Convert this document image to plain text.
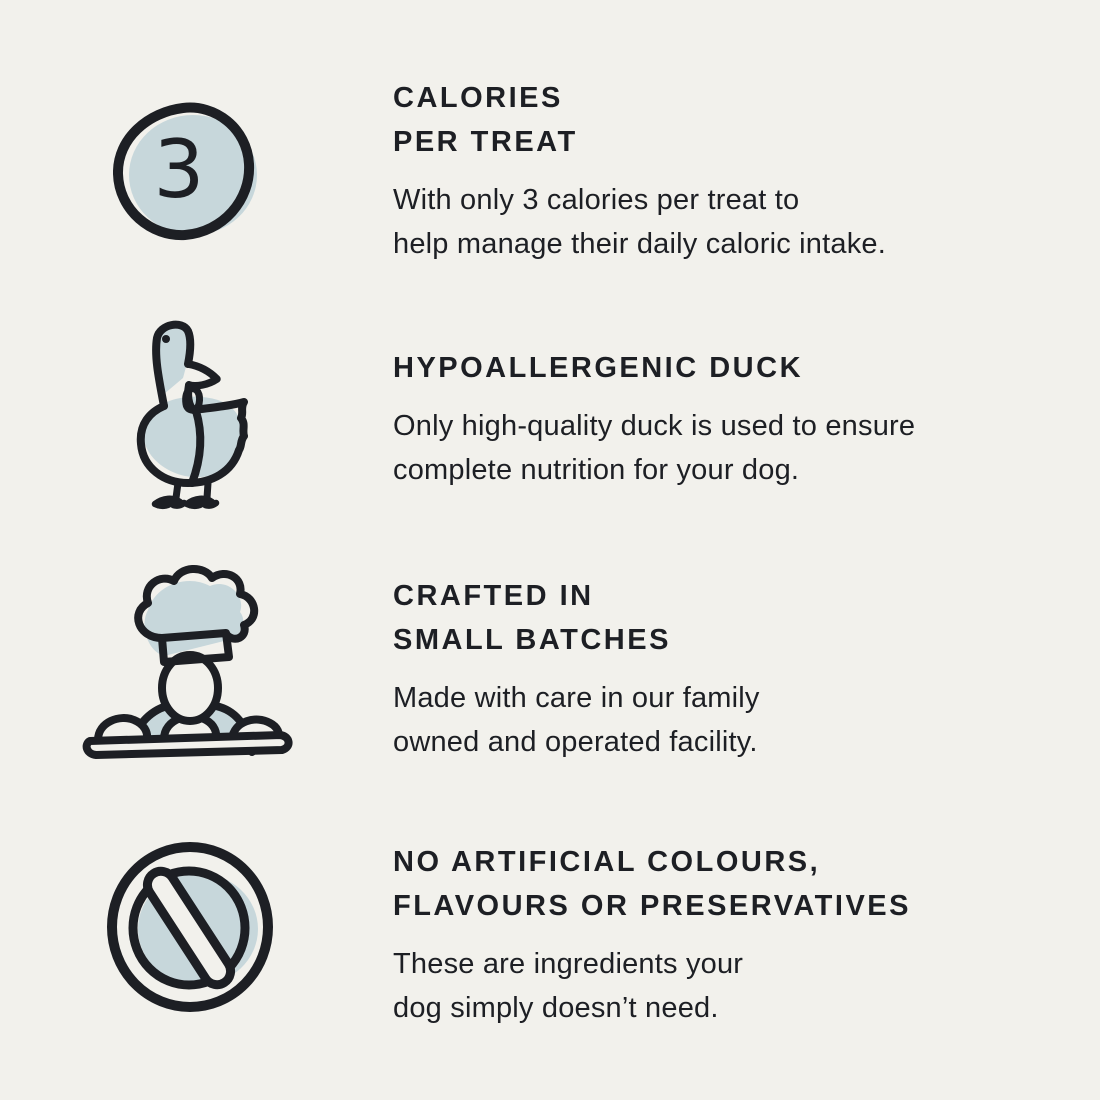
3
CALORIES
PER TREAT
With only 3 calories per treat to
help manage their daily caloric intake.
HYPOALLERGENIC DUCK
Only high-quality duck is used to ensure
complete nutrition for your dog.
CRAFTED IN
SMALL BATCHES
Made with care in our family
owned and operated facility.
NO ARTIFICIAL COLOURS,
FLAVOURS OR PRESERVATIVES
These are ingredients your
dog simply doesn’t need.
